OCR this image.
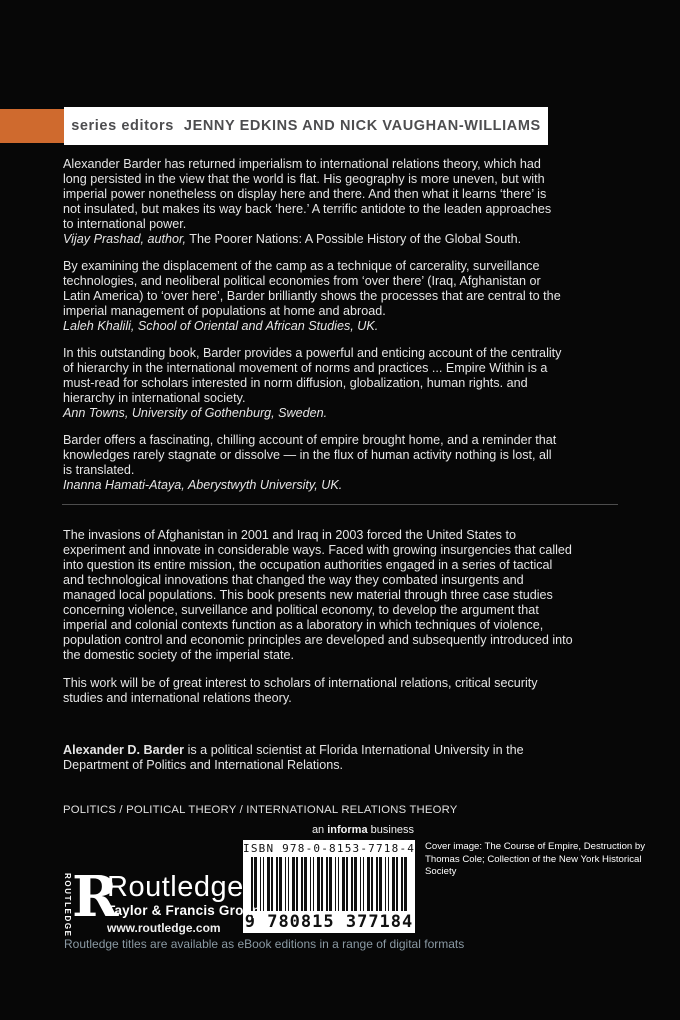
series editors JENNY EDKINS AND NICK VAUGHAN-WILLIAMS
Alexander Barder has returned imperialism to international relations theory, which had long persisted in the view that the world is flat. His geography is more uneven, but with imperial power nonetheless on display here and there. And then what it learns ‘there’ is not insulated, but makes its way back ‘here.’ A terrific antidote to the leaden approaches to international power.
Vijay Prashad, author, The Poorer Nations: A Possible History of the Global South.
By examining the displacement of the camp as a technique of carcerality, surveillance technologies, and neoliberal political economies from ‘over there’ (Iraq, Afghanistan or Latin America) to ‘over here’, Barder brilliantly shows the processes that are central to the imperial management of populations at home and abroad.
Laleh Khalili, School of Oriental and African Studies, UK.
In this outstanding book, Barder provides a powerful and enticing account of the centrality of hierarchy in the international movement of norms and practices ... Empire Within is a must-read for scholars interested in norm diffusion, globalization, human rights. and hierarchy in international society.
Ann Towns, University of Gothenburg, Sweden.
Barder offers a fascinating, chilling account of empire brought home, and a reminder that knowledges rarely stagnate or dissolve — in the flux of human activity nothing is lost, all is translated.
Inanna Hamati-Ataya, Aberystwyth University, UK.

The invasions of Afghanistan in 2001 and Iraq in 2003 forced the United States to experiment and innovate in considerable ways. Faced with growing insurgencies that called into question its entire mission, the occupation authorities engaged in a series of tactical and technological innovations that changed the way they combated insurgents and managed local populations. This book presents new material through three case studies concerning violence, surveillance and political economy, to develop the argument that imperial and colonial contexts function as a laboratory in which techniques of violence, population control and economic principles are developed and subsequently introduced into the domestic society of the imperial state.

This work will be of great interest to scholars of international relations, critical security studies and international relations theory.

Alexander D. Barder is a political scientist at Florida International University in the Department of Politics and International Relations.
POLITICS / POLITICAL THEORY / INTERNATIONAL RELATIONS THEORY
an informa business
ISBN 978-0-8153-7718-4
9 780815 377184
Cover image: The Course of Empire, Destruction by Thomas Cole; Collection of the New York Historical Society
ROUTLEDGE R
Routledge
Taylor & Francis Group
www.routledge.com
Routledge titles are available as eBook editions in a range of digital formats
